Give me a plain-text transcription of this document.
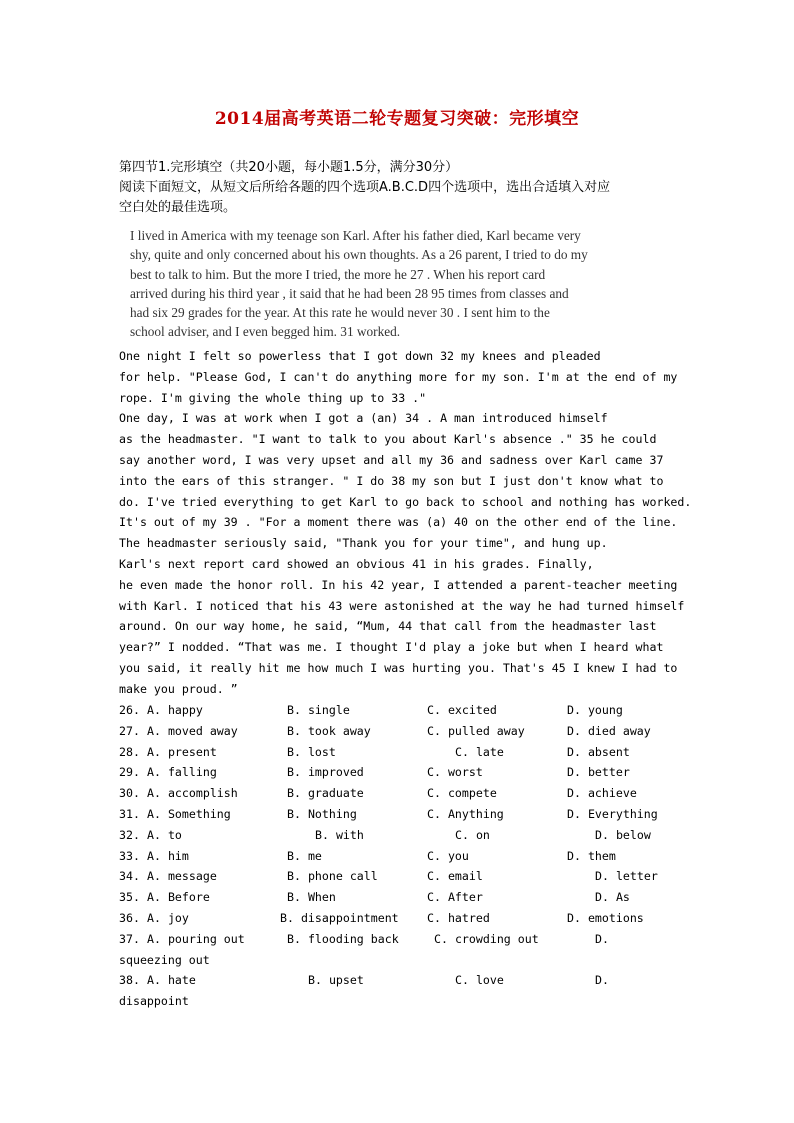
2014届高考英语二轮专题复习突破：完形填空
第四节1.完形填空（共20小题，每小题1.5分，满分30分）
阅读下面短文，从短文后所给各题的四个选项A.B.C.D四个选项中，选出合适填入对应
空白处的最佳选项。
I lived in America with my teenage son Karl. After his father died, Karl became very
shy, quite and only concerned about his own thoughts. As a 26 parent, I tried to do my
best to talk to him. But the more I tried, the more he 27 . When his report card
arrived during his third year , it said that he had been 28 95 times from classes and
had six 29 grades for the year. At this rate he would never 30 . I sent him to the
school adviser, and I even begged him. 31 worked.
One night I felt so powerless that I got down 32 my knees and pleaded
for help. "Please God, I can't do anything more for my son. I'm at the end of my
rope. I'm giving the whole thing up to 33 ."
One day, I was at work when I got a (an) 34 . A man introduced himself
as the headmaster. "I want to talk to you about Karl's absence ." 35 he could
say another word, I was very upset and all my 36 and sadness over Karl came 37
into the ears of this stranger. " I do 38 my son but I just don't know what to
do. I've tried everything to get Karl to go back to school and nothing has worked.
It's out of my 39 . "For a moment there was (a) 40 on the other end of the line.
The headmaster seriously said, "Thank you for your time", and hung up.
Karl's next report card showed an obvious 41 in his grades. Finally,
he even made the honor roll. In his 42 year, I attended a parent-teacher meeting
with Karl. I noticed that his 43 were astonished at the way he had turned himself
around. On our way home, he said, “Mum, 44 that call from the headmaster last
year?” I nodded. “That was me. I thought I'd play a joke but when I heard what
you said, it really hit me how much I was hurting you. That's 45 I knew I had to
make you proud. ”
26. A. happy	B. single	C. excited	D. young
27. A. moved away	B. took away	C. pulled away	D. died away
28. A. present	B. lost	C. late	D. absent
29. A. falling	B. improved	C. worst	D. better
30. A. accomplish	B. graduate	C. compete	D. achieve
31. A. Something	B. Nothing	C. Anything	D. Everything
32. A. to	B. with	C. on	D. below
33. A. him	B. me	C. you	D. them
34. A. message	B. phone call	C. email	D. letter
35. A. Before	B. When	C. After	D. As
36. A. joy	B. disappointment C. hatred	D. emotions
37. A. pouring out	B. flooding back	C. crowding out	D.
squeezing out
38. A. hate	B. upset	C. love	D.
disappoint
